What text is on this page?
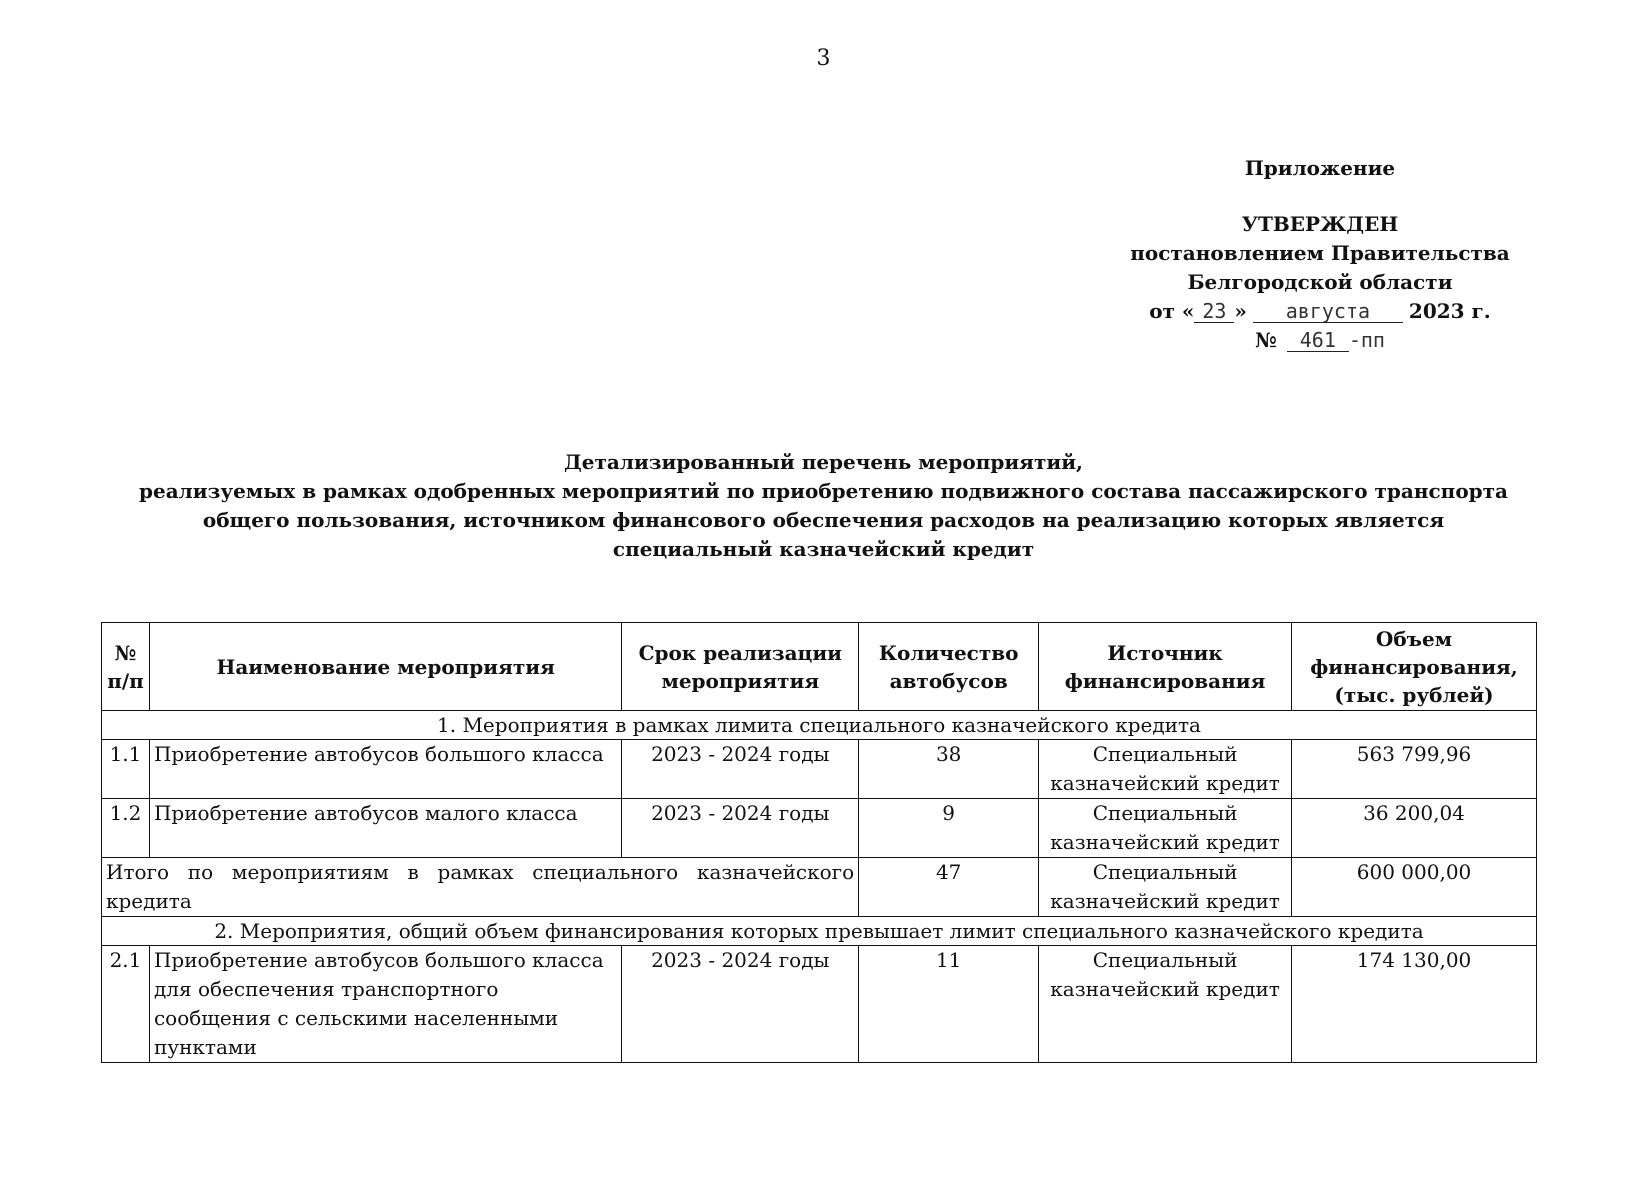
3
Приложение
УТВЕРЖДЕН
постановлением Правительства
Белгородской области
от « 23 » августа 2023 г.
№ 461 -пп
Детализированный перечень мероприятий,
реализуемых в рамках одобренных мероприятий по приобретению подвижного состава пассажирского транспорта
общего пользования, источником финансового обеспечения расходов на реализацию которых является
специальный казначейский кредит
№ п/п	Наименование мероприятия	Срок реализации мероприятия	Количество автобусов	Источник финансирования	Объем финансирования, (тыс. рублей)
1. Мероприятия в рамках лимита специального казначейского кредита					
1.1	Приобретение автобусов большого класса	2023 - 2024 годы	38	Специальный казначейский кредит	563 799,96
1.2	Приобретение автобусов малого класса	2023 - 2024 годы	9	Специальный казначейский кредит	36 200,04
Итого по мероприятиям в рамках специального казначейского кредита			47	Специальный казначейский кредит	600 000,00
2. Мероприятия, общий объем финансирования которых превышает лимит специального казначейского кредита					
2.1	Приобретение автобусов большого класса для обеспечения транспортного сообщения с сельскими населенными пунктами	2023 - 2024 годы	11	Специальный казначейский кредит	174 130,00
